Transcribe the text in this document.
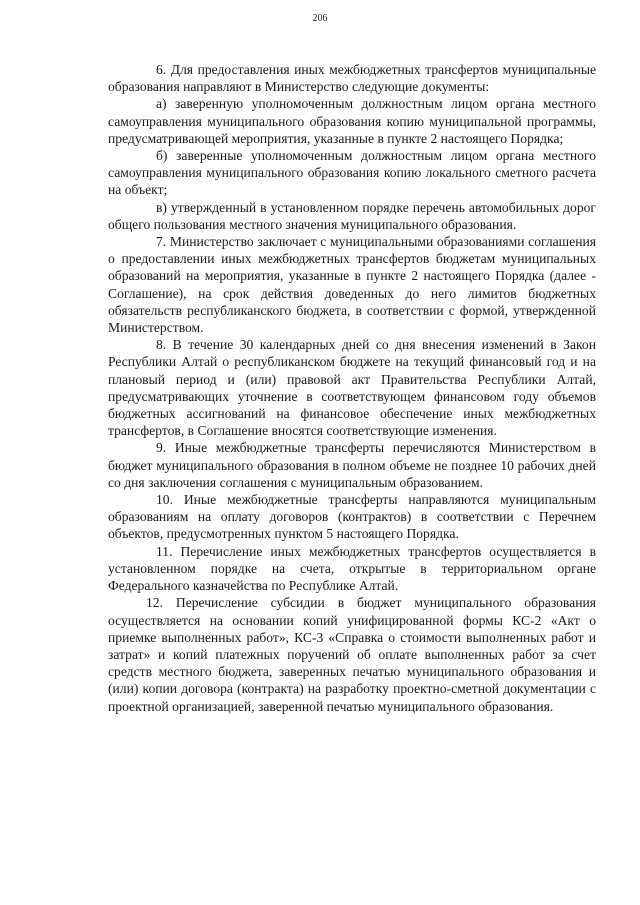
206

6. Для предоставления иных межбюджетных трансфертов муниципальные образования направляют в Министерство следующие документы:

а) заверенную уполномоченным должностным лицом органа местного самоуправления муниципального образования копию муниципальной программы, предусматривающей мероприятия, указанные в пункте 2 настоящего Порядка;

б) заверенные уполномоченным должностным лицом органа местного самоуправления муниципального образования копию локального сметного расчета на объект;

в) утвержденный в установленном порядке перечень автомобильных дорог общего пользования местного значения муниципального образования.

7. Министерство заключает с муниципальными образованиями соглашения о предоставлении иных межбюджетных трансфертов бюджетам муниципальных образований на мероприятия, указанные в пункте 2 настоящего Порядка (далее - Соглашение), на срок действия доведенных до него лимитов бюджетных обязательств республиканского бюджета, в соответствии с формой, утвержденной Министерством.

8. В течение 30 календарных дней со дня внесения изменений в Закон Республики Алтай о республиканском бюджете на текущий финансовый год и на плановый период и (или) правовой акт Правительства Республики Алтай, предусматривающих уточнение в соответствующем финансовом году объемов бюджетных ассигнований на финансовое обеспечение иных межбюджетных трансфертов, в Соглашение вносятся соответствующие изменения.

9. Иные межбюджетные трансферты перечисляются Министерством в бюджет муниципального образования в полном объеме не позднее 10 рабочих дней со дня заключения соглашения с муниципальным образованием.

10. Иные межбюджетные трансферты направляются муниципальным образованиям на оплату договоров (контрактов) в соответствии с Перечнем объектов, предусмотренных пунктом 5 настоящего Порядка.

11. Перечисление иных межбюджетных трансфертов осуществляется в установленном порядке на счета, открытые в территориальном органе Федерального казначейства по Республике Алтай.

12. Перечисление субсидии в бюджет муниципального образования осуществляется на основании копий унифицированной формы КС-2 «Акт о приемке выполненных работ», КС-3 «Справка о стоимости выполненных работ и затрат» и копий платежных поручений об оплате выполненных работ за счет средств местного бюджета, заверенных печатью муниципального образования и (или) копии договора (контракта) на разработку проектно-сметной документации с проектной организацией, заверенной печатью муниципального образования.
